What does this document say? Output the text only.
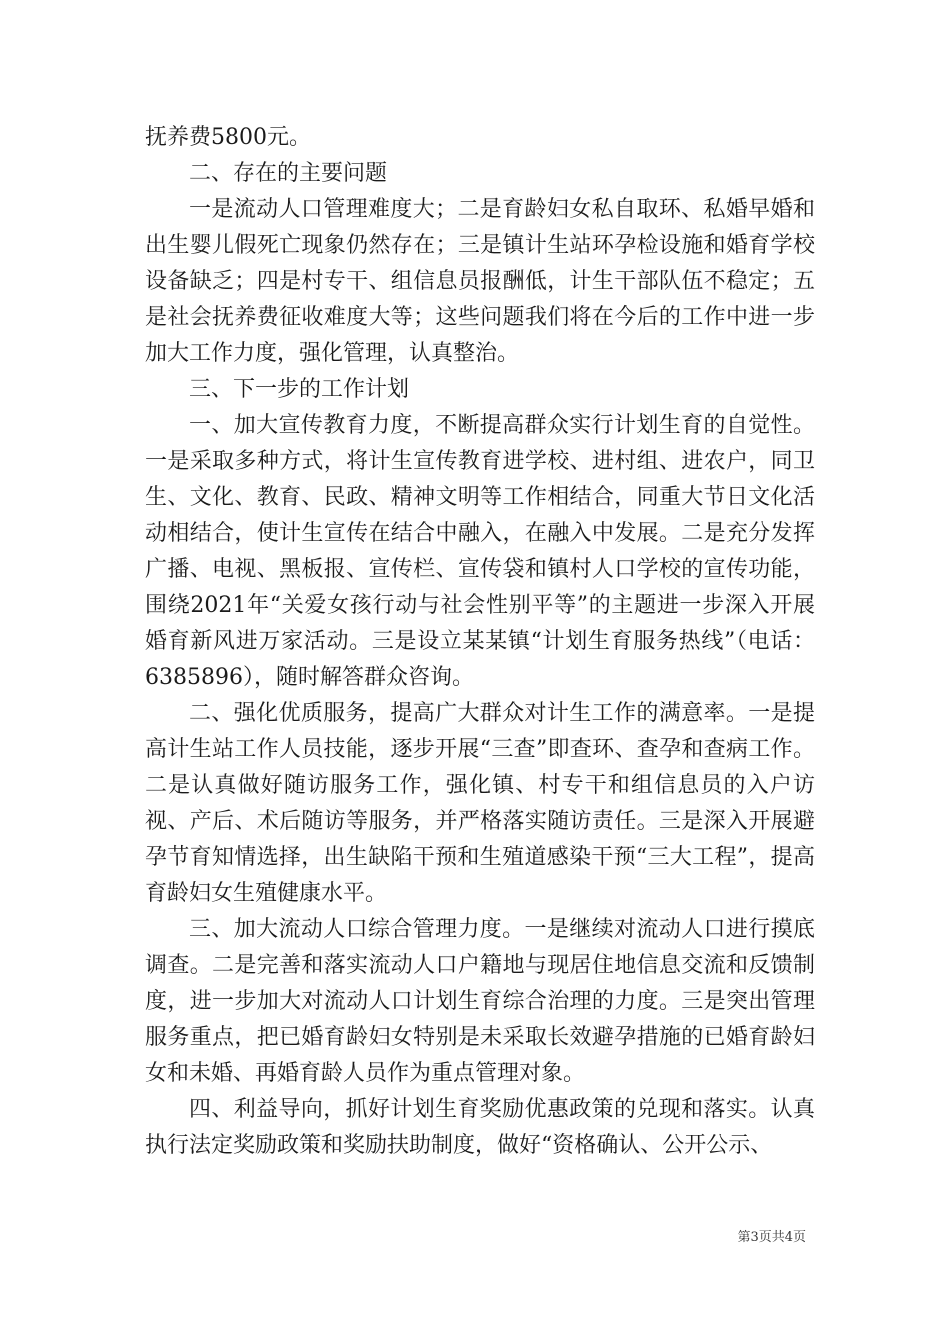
抚养费5800元。

二、存在的主要问题

一是流动人口管理难度大；二是育龄妇女私自取环、私婚早婚和出生婴儿假死亡现象仍然存在；三是镇计生站环孕检设施和婚育学校设备缺乏；四是村专干、组信息员报酬低，计生干部队伍不稳定；五是社会抚养费征收难度大等；这些问题我们将在今后的工作中进一步加大工作力度，强化管理，认真整治。

三、下一步的工作计划

一、加大宣传教育力度，不断提高群众实行计划生育的自觉性。一是采取多种方式，将计生宣传教育进学校、进村组、进农户，同卫生、文化、教育、民政、精神文明等工作相结合，同重大节日文化活动相结合，使计生宣传在结合中融入，在融入中发展。二是充分发挥广播、电视、黑板报、宣传栏、宣传袋和镇村人口学校的宣传功能，围绕2021年“关爱女孩行动与社会性别平等”的主题进一步深入开展婚育新风进万家活动。三是设立某某镇“计划生育服务热线”（电话：6385896），随时解答群众咨询。

二、强化优质服务，提高广大群众对计生工作的满意率。一是提高计生站工作人员技能，逐步开展“三查”即查环、查孕和查病工作。二是认真做好随访服务工作，强化镇、村专干和组信息员的入户访视、产后、术后随访等服务，并严格落实随访责任。三是深入开展避孕节育知情选择，出生缺陷干预和生殖道感染干预“三大工程”，提高育龄妇女生殖健康水平。

三、加大流动人口综合管理力度。一是继续对流动人口进行摸底调查。二是完善和落实流动人口户籍地与现居住地信息交流和反馈制度，进一步加大对流动人口计划生育综合治理的力度。三是突出管理服务重点，把已婚育龄妇女特别是未采取长效避孕措施的已婚育龄妇女和未婚、再婚育龄人员作为重点管理对象。

四、利益导向，抓好计划生育奖励优惠政策的兑现和落实。认真执行法定奖励政策和奖励扶助制度，做好“资格确认、公开公示、

第3页共4页
